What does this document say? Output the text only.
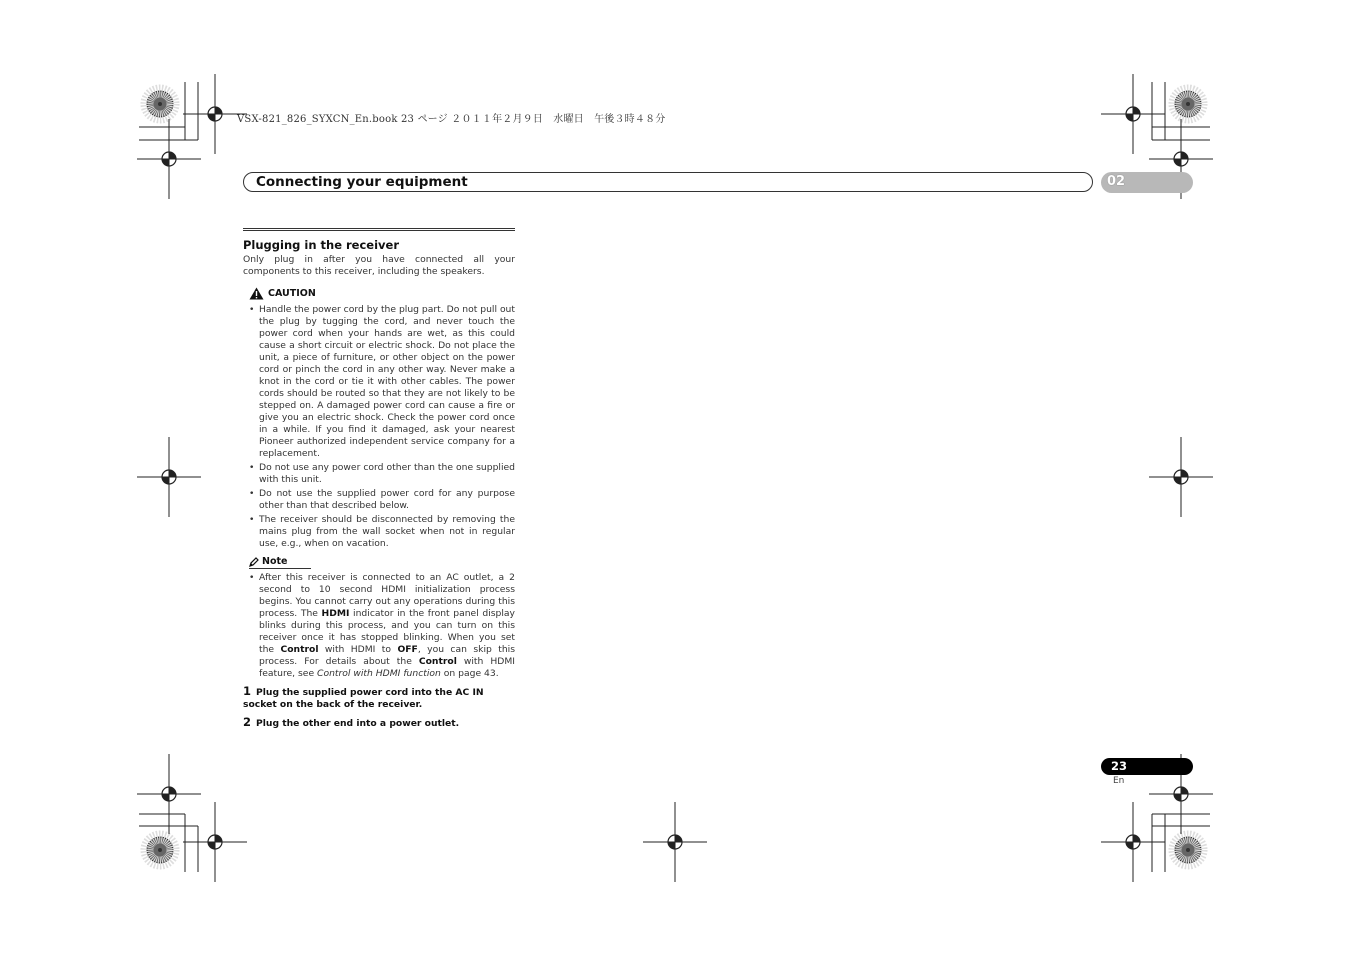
VSX-821_826_SYXCN_En.book 23 ページ ２０１１年２月９日　水曜日　午後３時４８分
Connecting your equipment	02
Plugging in the receiver

Only plug in after you have connected all your components to this receiver, including the speakers.

CAUTION
• Handle the power cord by the plug part. Do not pull out the plug by tugging the cord, and never touch the power cord when your hands are wet, as this could cause a short circuit or electric shock. Do not place the unit, a piece of furniture, or other object on the power cord or pinch the cord in any other way. Never make a knot in the cord or tie it with other cables. The power cords should be routed so that they are not likely to be stepped on. A damaged power cord can cause a fire or give you an electric shock. Check the power cord once in a while. If you find it damaged, ask your nearest Pioneer authorized independent service company for a replacement.
• Do not use any power cord other than the one supplied with this unit.
• Do not use the supplied power cord for any purpose other than that described below.
• The receiver should be disconnected by removing the mains plug from the wall socket when not in regular use, e.g., when on vacation.
Note
• After this receiver is connected to an AC outlet, a 2 second to 10 second HDMI initialization process begins. You cannot carry out any operations during this process. The HDMI indicator in the front panel display blinks during this process, and you can turn on this receiver once it has stopped blinking. When you set the Control with HDMI to OFF, you can skip this process. For details about the Control with HDMI feature, see Control with HDMI function on page 43.
1 Plug the supplied power cord into the AC IN socket on the back of the receiver.
2 Plug the other end into a power outlet.
23
En
